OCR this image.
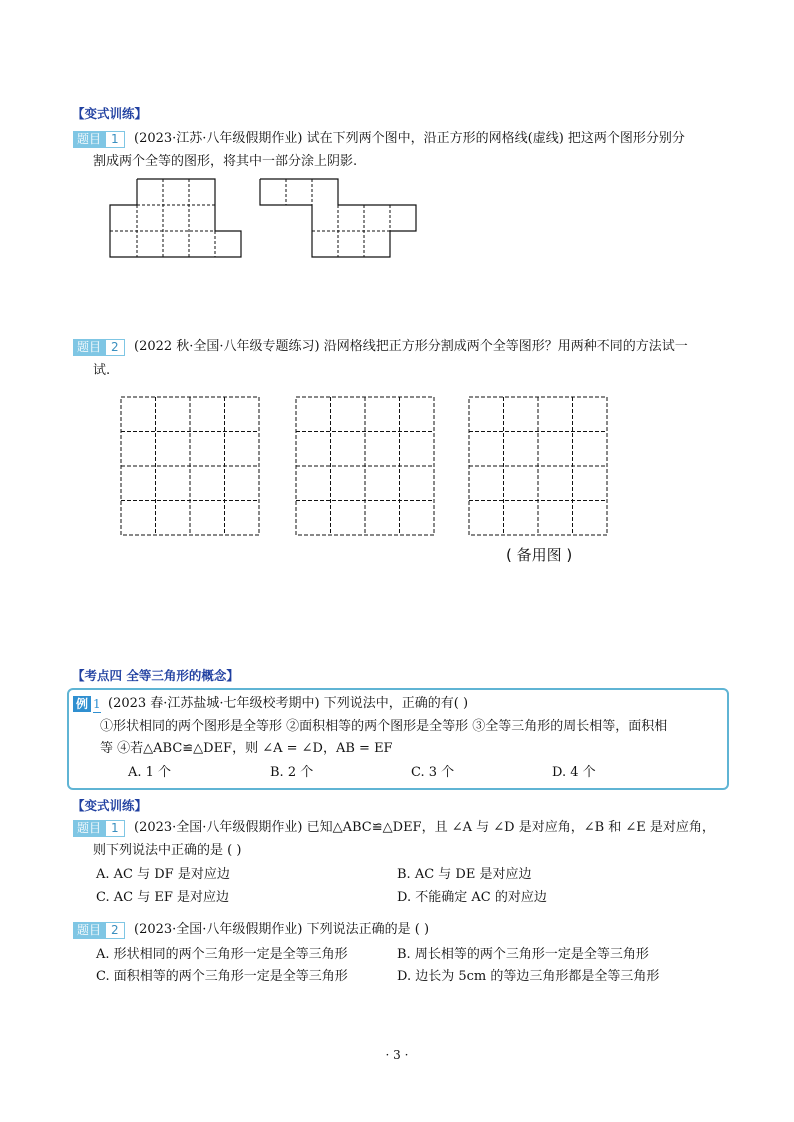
【变式训练】
题目 1	(2023·江苏·八年级假期作业) 试在下列两个图中，沿正方形的网格线(虚线) 把这两个图形分别分
割成两个全等的图形，将其中一部分涂上阴影.
题目 2	(2022 秋·全国·八年级专题练习) 沿网格线把正方形分割成两个全等图形？用两种不同的方法试一
试.
( 备用图 )
【考点四 全等三角形的概念】
例 1 (2023 春·江苏盐城·七年级校考期中) 下列说法中，正确的有( )
①形状相同的两个图形是全等形 ②面积相等的两个图形是全等形 ③全等三角形的周长相等，面积相
等 ④若△ABC≌△DEF，则 ∠A = ∠D，AB = EF
A. 1 个	B. 2 个	C. 3 个	D. 4 个
【变式训练】
题目 1	(2023·全国·八年级假期作业) 已知△ABC≌△DEF，且 ∠A 与 ∠D 是对应角，∠B 和 ∠E 是对应角，
则下列说法中正确的是 ( )
A. AC 与 DF 是对应边	B. AC 与 DE 是对应边
C. AC 与 EF 是对应边	D. 不能确定 AC 的对应边
题目 2	(2023·全国·八年级假期作业) 下列说法正确的是 ( )
A. 形状相同的两个三角形一定是全等三角形	B. 周长相等的两个三角形一定是全等三角形
C. 面积相等的两个三角形一定是全等三角形	D. 边长为 5cm 的等边三角形都是全等三角形
· 3 ·
